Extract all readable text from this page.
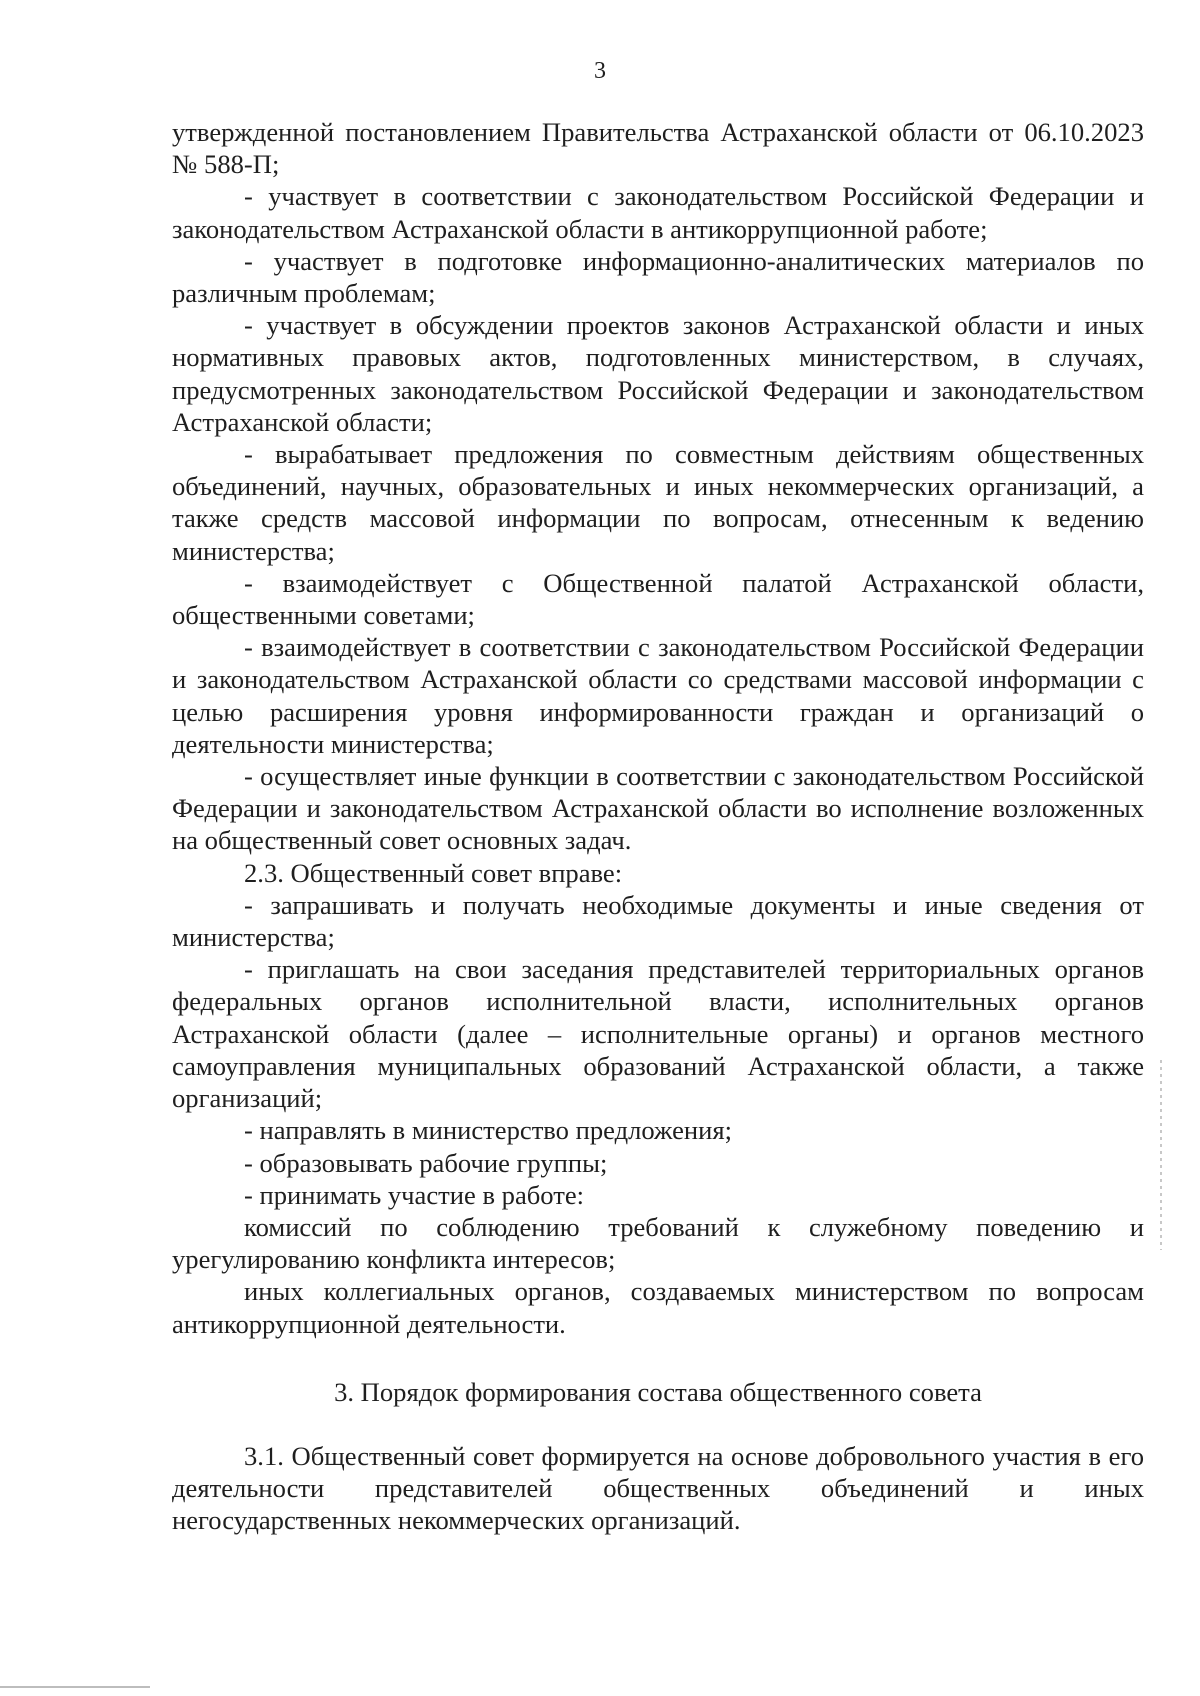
3

утвержденной постановлением Правительства Астраханской области от 06.10.2023 № 588-П;

- участвует в соответствии с законодательством Российской Федерации и законодательством Астраханской области в антикоррупционной работе;

- участвует в подготовке информационно-аналитических материалов по различным проблемам;

- участвует в обсуждении проектов законов Астраханской области и иных нормативных правовых актов, подготовленных министерством, в случаях, предусмотренных законодательством Российской Федерации и законодательством Астраханской области;

- вырабатывает предложения по совместным действиям общественных объединений, научных, образовательных и иных некоммерческих организаций, а также средств массовой информации по вопросам, отнесенным к ведению министерства;

- взаимодействует с Общественной палатой Астраханской области, общественными советами;

- взаимодействует в соответствии с законодательством Российской Федерации и законодательством Астраханской области со средствами массовой информации с целью расширения уровня информированности граждан и организаций о деятельности министерства;

- осуществляет иные функции в соответствии с законодательством Российской Федерации и законодательством Астраханской области во исполнение возложенных на общественный совет основных задач.

2.3. Общественный совет вправе:

- запрашивать и получать необходимые документы и иные сведения от министерства;

- приглашать на свои заседания представителей территориальных органов федеральных органов исполнительной власти, исполнительных органов Астраханской области (далее – исполнительные органы) и органов местного самоуправления муниципальных образований Астраханской области, а также организаций;

- направлять в министерство предложения;

- образовывать рабочие группы;

- принимать участие в работе:

комиссий по соблюдению требований к служебному поведению и урегулированию конфликта интересов;

иных коллегиальных органов, создаваемых министерством по вопросам антикоррупционной деятельности.

3. Порядок формирования состава общественного совета

3.1. Общественный совет формируется на основе добровольного участия в его деятельности представителей общественных объединений и иных негосударственных некоммерческих организаций.
